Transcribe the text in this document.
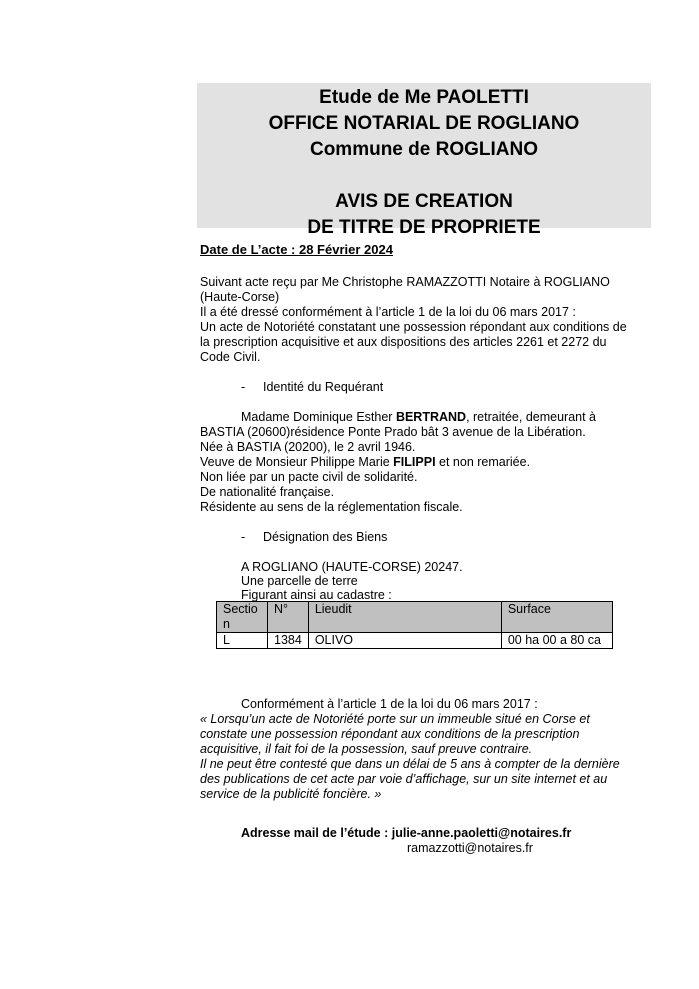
Etude de Me PAOLETTI
OFFICE NOTARIAL DE ROGLIANO
Commune de ROGLIANO
AVIS DE CREATION
DE TITRE DE PROPRIETE
Date de L’acte : 28 Février 2024
Suivant acte reçu par Me Christophe RAMAZZOTTI Notaire à ROGLIANO
(Haute-Corse)
Il a été dressé conformément à l’article 1 de la loi du 06 mars 2017 :
Un acte de Notoriété constatant une possession répondant aux conditions de
la prescription acquisitive et aux dispositions des articles 2261 et 2272 du
Code Civil.
- Identité du Requérant
Madame Dominique Esther BERTRAND, retraitée, demeurant à
BASTIA (20600)résidence Ponte Prado bât 3 avenue de la Libération.
Née à BASTIA (20200), le 2 avril 1946.
Veuve de Monsieur Philippe Marie FILIPPI et non remariée.
Non liée par un pacte civil de solidarité.
De nationalité française.
Résidente au sens de la réglementation fiscale.
- Désignation des Biens
A ROGLIANO (HAUTE-CORSE) 20247.
Une parcelle de terre
Figurant ainsi au cadastre :
Sectio n	N°	Lieudit	Surface
L	1384	OLIVO	00 ha 00 a 80 ca
Conformément à l’article 1 de la loi du 06 mars 2017 :
« Lorsqu’un acte de Notoriété porte sur un immeuble situé en Corse et
constate une possession répondant aux conditions de la prescription
acquisitive, il fait foi de la possession, sauf preuve contraire.
Il ne peut être contesté que dans un délai de 5 ans à compter de la dernière
des publications de cet acte par voie d’affichage, sur un site internet et au
service de la publicité foncière. »
Adresse mail de l’étude : julie-anne.paoletti@notaires.fr
ramazzotti@notaires.fr
